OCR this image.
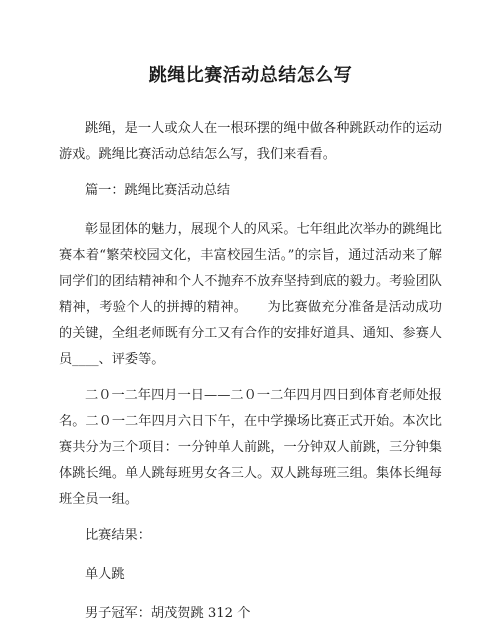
跳绳比赛活动总结怎么写

跳绳，是一人或众人在一根环摆的绳中做各种跳跃动作的运动游戏。跳绳比赛活动总结怎么写，我们来看看。

篇一：跳绳比赛活动总结

彰显团体的魅力，展现个人的风采。七年组此次举办的跳绳比赛本着“繁荣校园文化，丰富校园生活。”的宗旨，通过活动来了解同学们的团结精神和个人不抛弃不放弃坚持到底的毅力。考验团队精神，考验个人的拼搏的精神。　　为比赛做充分准备是活动成功的关键，全组老师既有分工又有合作的安排好道具、通知、参赛人员____、评委等。

二０一二年四月一日——二０一二年四月四日到体育老师处报名。二０一二年四月六日下午，在中学操场比赛正式开始。本次比赛共分为三个项目：一分钟单人前跳，一分钟双人前跳，三分钟集体跳长绳。单人跳每班男女各三人。双人跳每班三组。集体长绳每班全员一组。

比赛结果：

单人跳

男子冠军：胡茂贺跳 312 个
